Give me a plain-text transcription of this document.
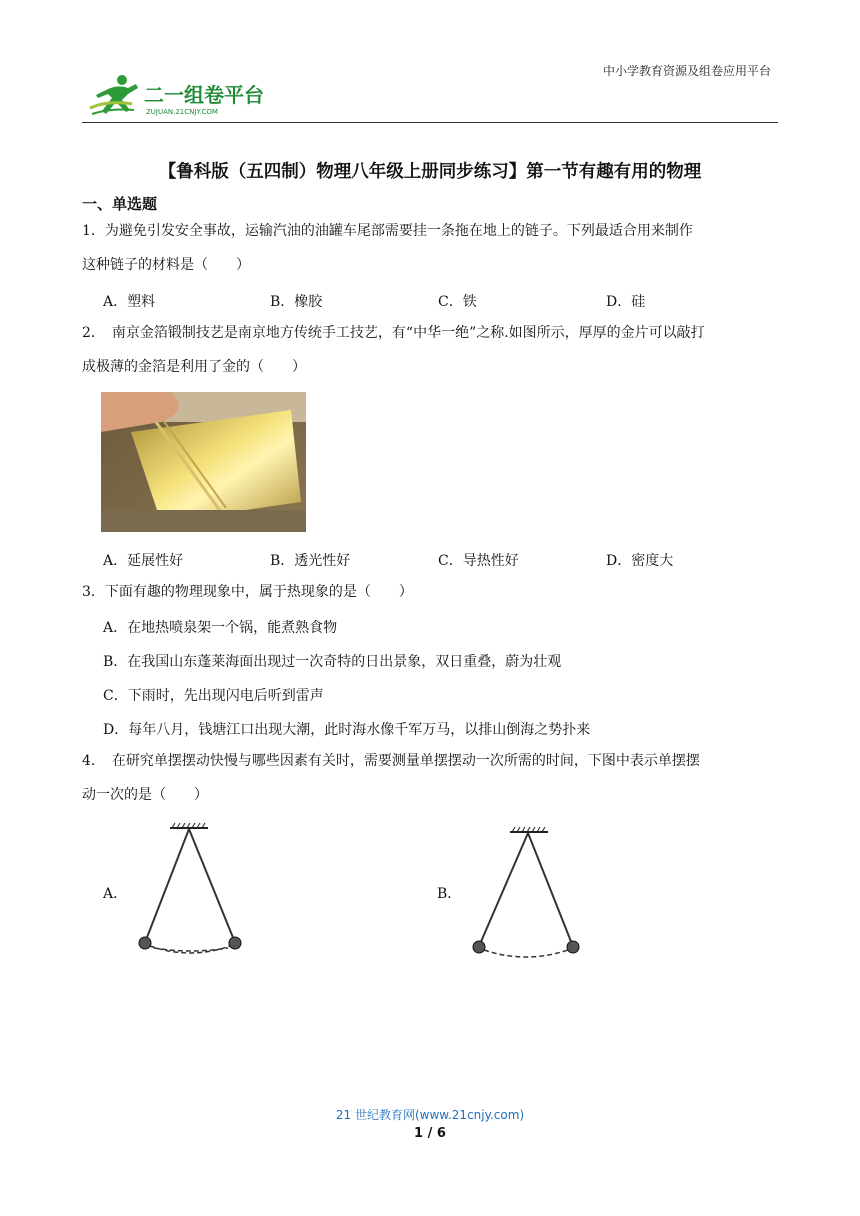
中小学教育资源及组卷应用平台
二一组卷平台
ZUJUAN.21CNJY.COM
【鲁科版（五四制）物理八年级上册同步练习】第一节有趣有用的物理
一、单选题
1．为避免引发安全事故，运输汽油的油罐车尾部需要挂一条拖在地上的链子。下列最适合用来制作
这种链子的材料是（　　）
A．塑料	B．橡胶	C．铁	D．硅
2．　南京金箔锻制技艺是南京地方传统手工技艺，有“中华一绝”之称.如图所示，厚厚的金片可以敲打
成极薄的金箔是利用了金的（　　）
A．延展性好	B．透光性好	C．导热性好	D．密度大
3．下面有趣的物理现象中，属于热现象的是（　　）
A．在地热喷泉架一个锅，能煮熟食物
B．在我国山东蓬莱海面出现过一次奇特的日出景象，双日重叠，蔚为壮观
C．下雨时，先出现闪电后听到雷声
D．每年八月，钱塘江口出现大潮，此时海水像千军万马，以排山倒海之势扑来
4．　在研究单摆摆动快慢与哪些因素有关时，需要测量单摆摆动一次所需的时间，下图中表示单摆摆
动一次的是（　　）
A．	B．
21 世纪教育网(www.21cnjy.com)
1 / 6
